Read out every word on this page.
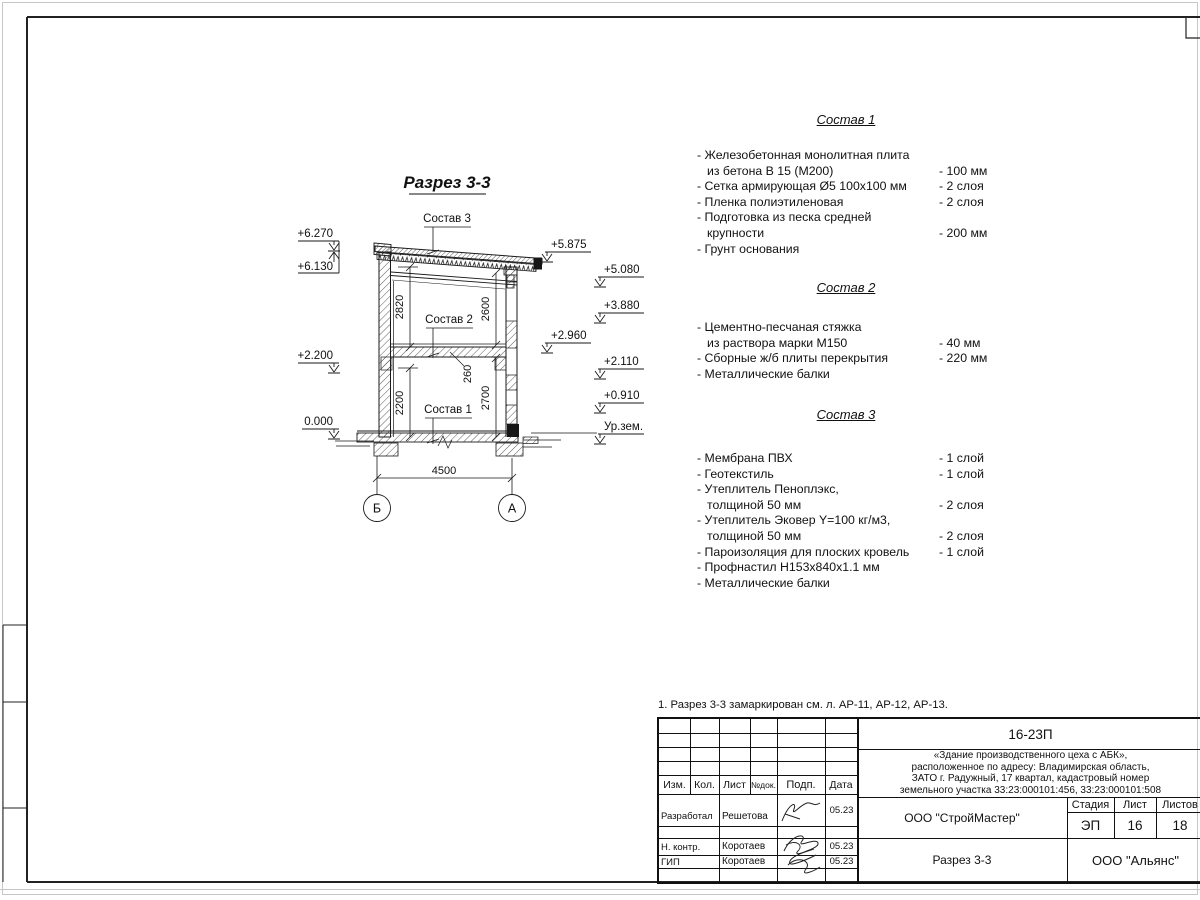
Разрез 3-3
Состав 3
Состав 2
Состав 1
2820
2200
2600
2700
260
4500
Б	А
+6.270
+6.130
+2.200
0.000
+5.875
+5.080
+3.880
+2.960
+2.110
+0.910
Ур.зем.
Состав 1
- Железобетонная монолитная плита
из бетона В 15 (М200)	- 100 мм
- Сетка армирующая Ø5 100х100 мм	- 2 слоя
- Пленка полиэтиленовая	- 2 слоя
- Подготовка из песка средней
крупности	- 200 мм
- Грунт основания
Состав 2
- Цементно-песчаная стяжка
из раствора марки М150	- 40 мм
- Сборные ж/б плиты перекрытия	- 220 мм
- Металлические балки
Состав 3
- Мембрана ПВХ	- 1 слой
- Геотекстиль	- 1 слой
- Утеплитель Пеноплэкс,
толщиной 50 мм	- 2 слоя
- Утеплитель Эковер Y=100 кг/м3,
толщиной 50 мм	- 2 слоя
- Пароизоляция для плоских кровель	- 1 слой
- Профнастил Н153х840х1.1 мм
- Металлические балки
1. Разрез 3-3 замаркирован см. л. АР-11, АР-12, АР-13.
Изм. Кол. Лист №док. Подп.	Дата
Разработал Решетова
05.23
Н. контр.	Коротаев	05.23
ГИП	Коротаев	05.23
16-23П
«Здание производственного цеха с АБК»,
расположенное по адресу: Владимирская область,
ЗАТО г. Радужный, 17 квартал, кадастровый номер
земельного участка 33:23:000101:456, 33:23:000101:508
ООО "СтройМастер"
Разрез 3-3
Стадия	Лист	Листов
ЭП	16	18
ООО "Альянс"
